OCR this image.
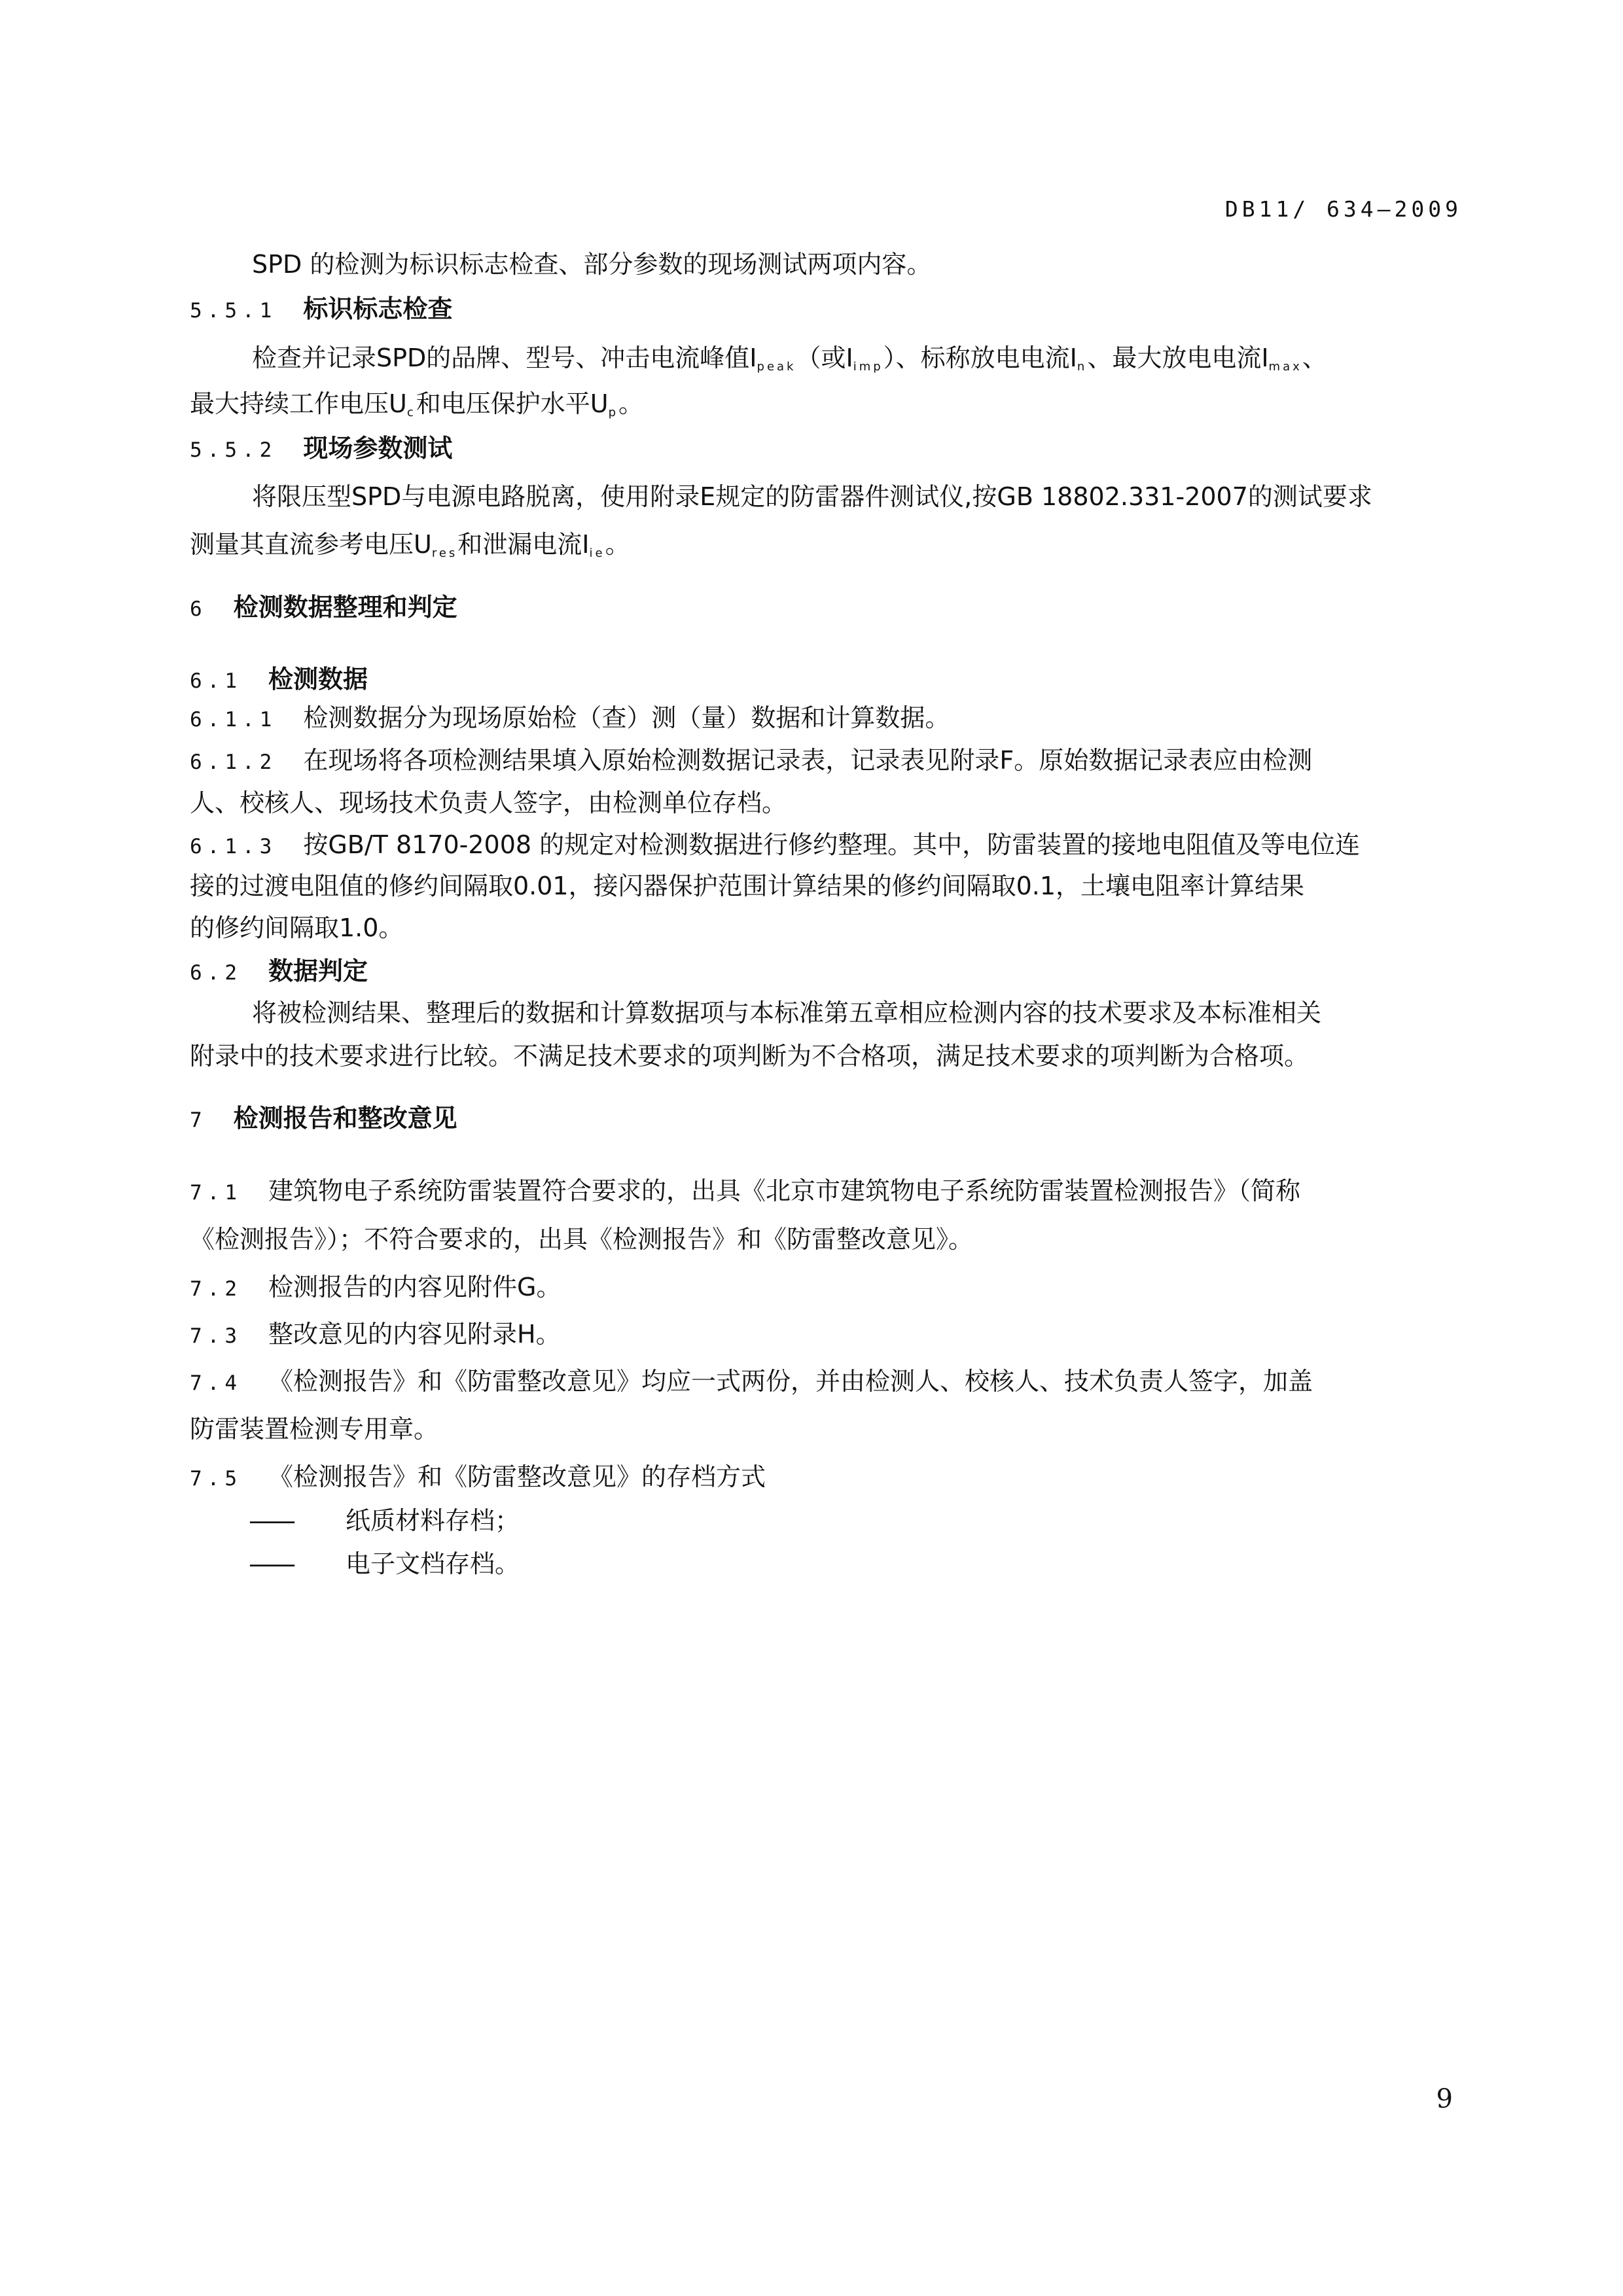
DB11/ 634—2009
SPD 的检测为标识标志检查、部分参数的现场测试两项内容。
5.5.1 标识标志检查
检查并记录SPD的品牌、型号、冲击电流峰值$I_{peak}$（或$I_{imp}$）、标称放电电流$I_n$、最大放电电流$I_{max}$、
最大持续工作电压$U_c$和电压保护水平$U_p$。
5.5.2 现场参数测试
将限压型SPD与电源电路脱离，使用附录E规定的防雷器件测试仪,按GB 18802.331-2007的测试要求
测量其直流参考电压$U_{res}$和泄漏电流$I_{ie}$。
6 检测数据整理和判定
6.1 检测数据
6.1.1 检测数据分为现场原始检（查）测（量）数据和计算数据。
6.1.2 在现场将各项检测结果填入原始检测数据记录表，记录表见附录F。原始数据记录表应由检测
人、校核人、现场技术负责人签字，由检测单位存档。
6.1.3 按GB/T 8170-2008 的规定对检测数据进行修约整理。其中，防雷装置的接地电阻值及等电位连
接的过渡电阻值的修约间隔取0.01，接闪器保护范围计算结果的修约间隔取0.1，土壤电阻率计算结果
的修约间隔取1.0。
6.2 数据判定
将被检测结果、整理后的数据和计算数据项与本标准第五章相应检测内容的技术要求及本标准相关
附录中的技术要求进行比较。不满足技术要求的项判断为不合格项，满足技术要求的项判断为合格项。
7 检测报告和整改意见
7.1 建筑物电子系统防雷装置符合要求的，出具《北京市建筑物电子系统防雷装置检测报告》（简称
《检测报告》）；不符合要求的，出具《检测报告》和《防雷整改意见》。
7.2 检测报告的内容见附件G。
7.3 整改意见的内容见附录H。
7.4 《检测报告》和《防雷整改意见》均应一式两份，并由检测人、校核人、技术负责人签字，加盖
防雷装置检测专用章。
7.5 《检测报告》和《防雷整改意见》的存档方式
—— 纸质材料存档；
—— 电子文档存档。
9
